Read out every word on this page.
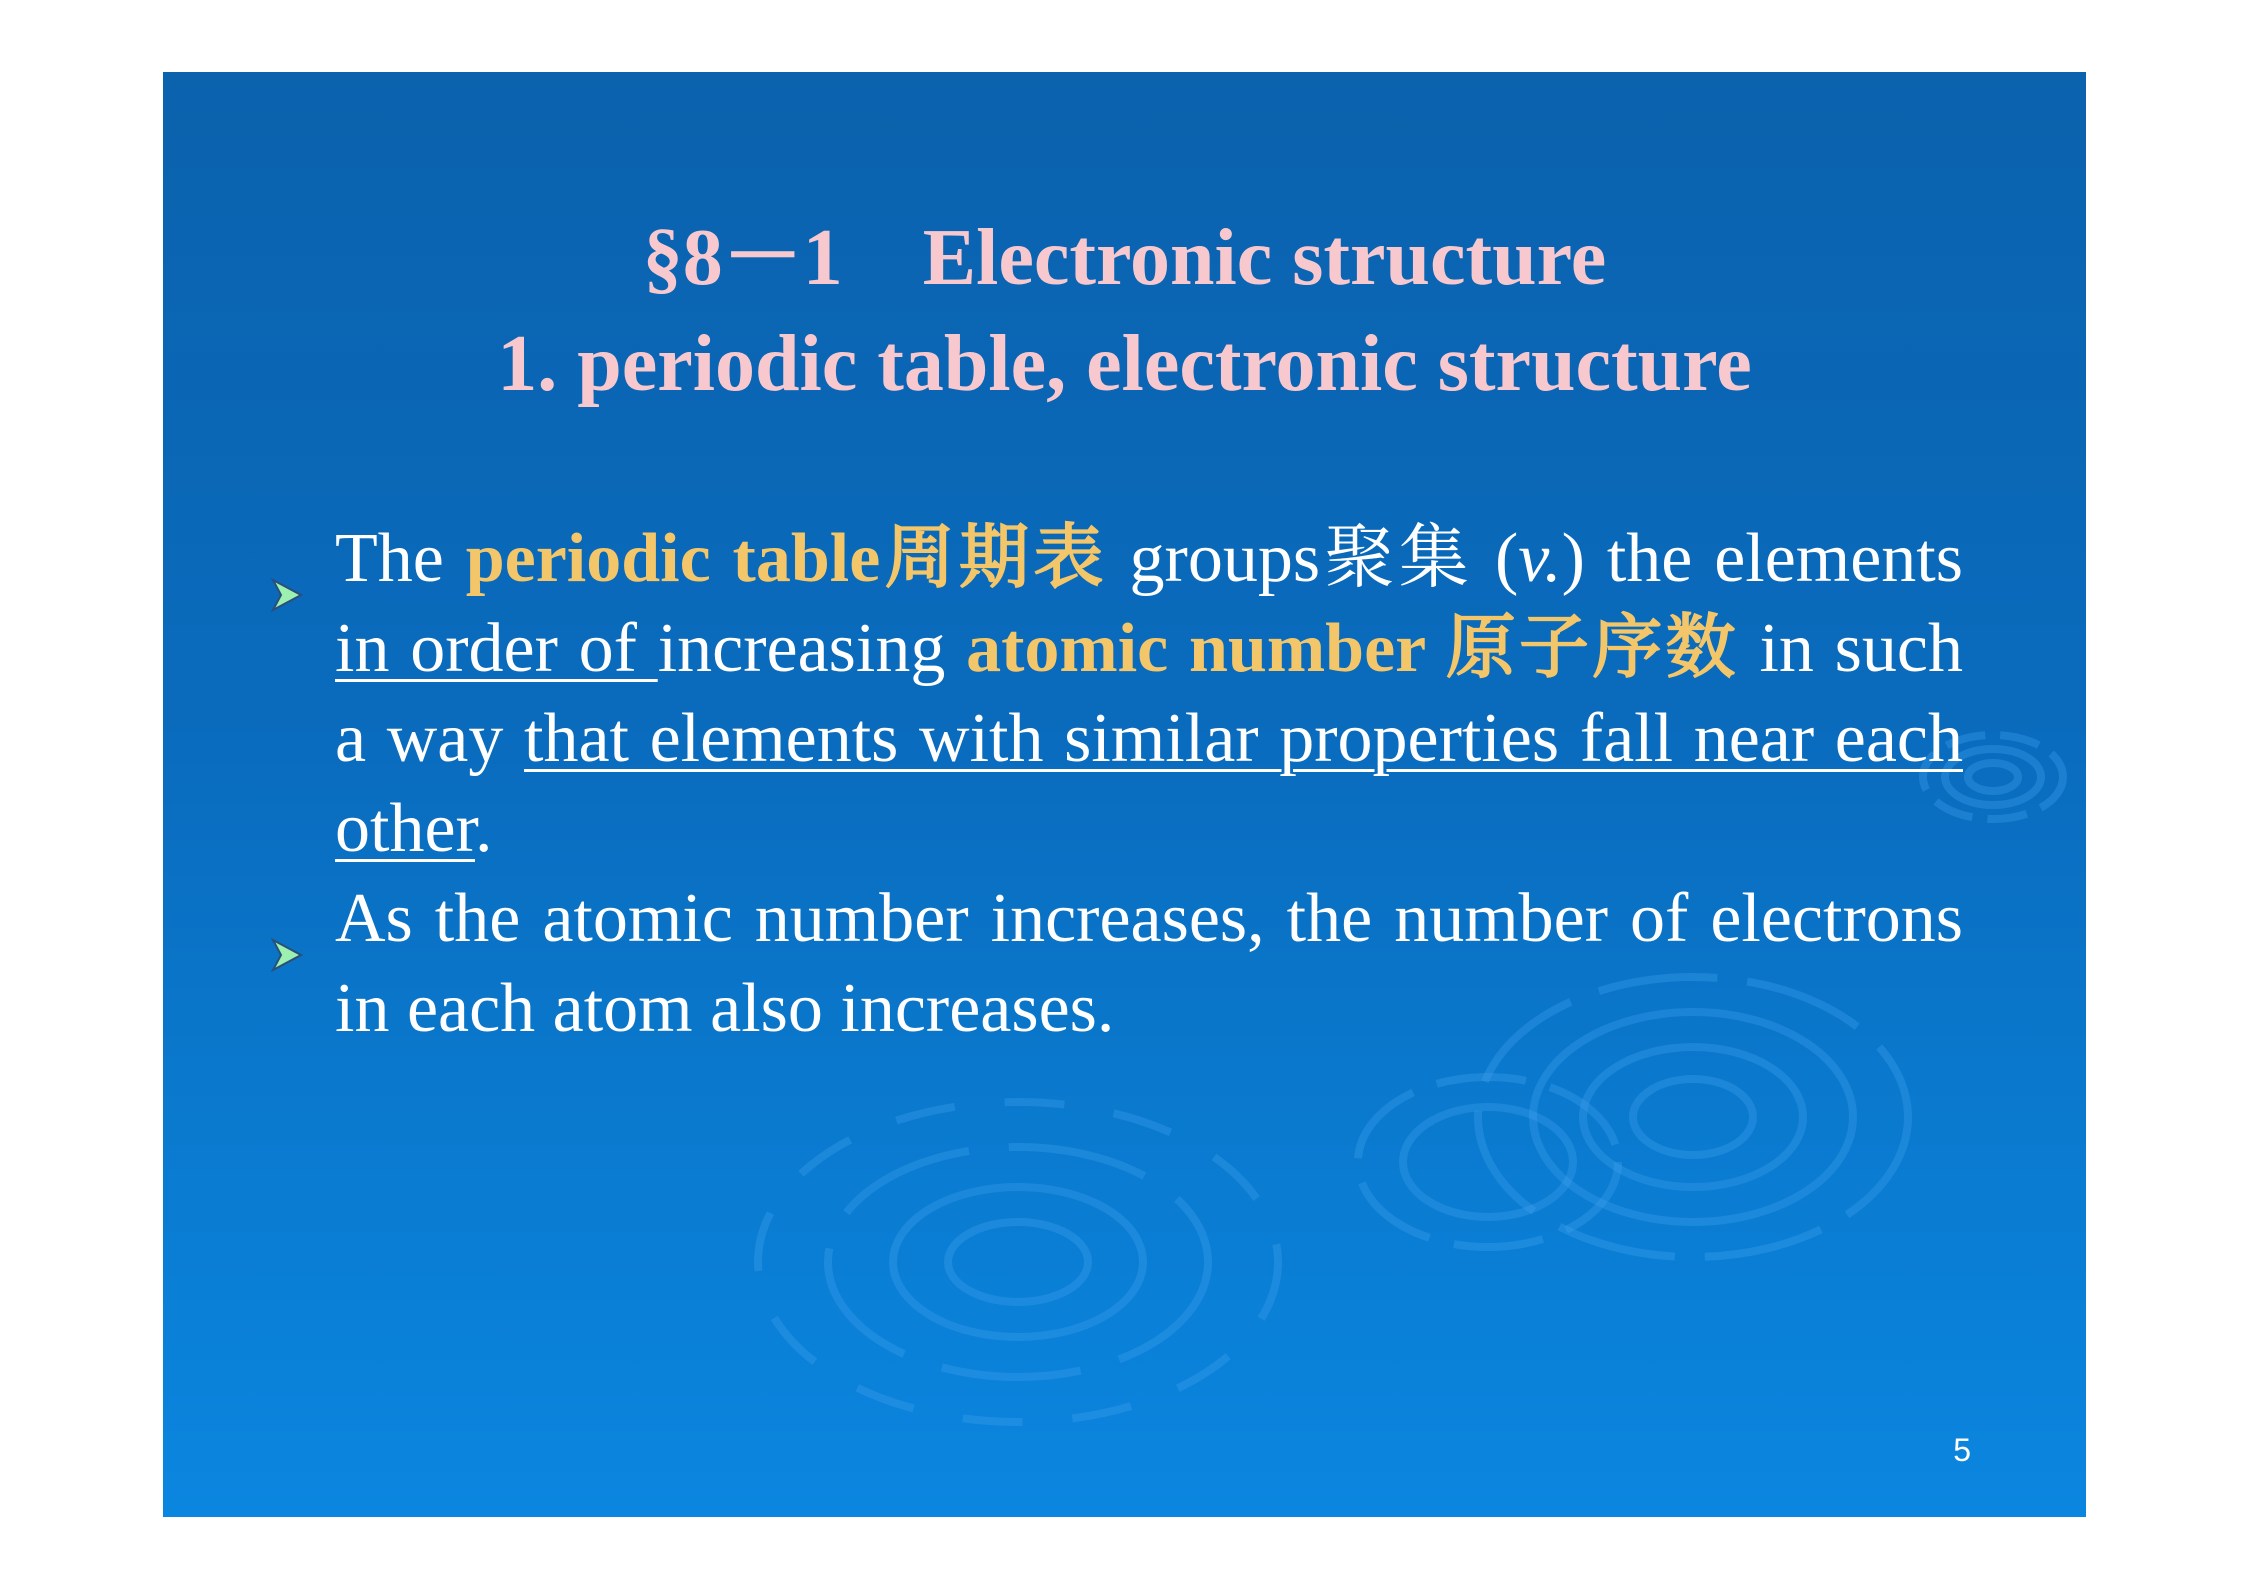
§8－1　Electronic structure
1. periodic table, electronic structure
The periodic table周期表 groups聚集 (v.) the elements in order of increasing atomic number 原子序数 in such a way that elements with similar properties fall near each other.
As the atomic number increases, the number of electrons in each atom also increases.
5
